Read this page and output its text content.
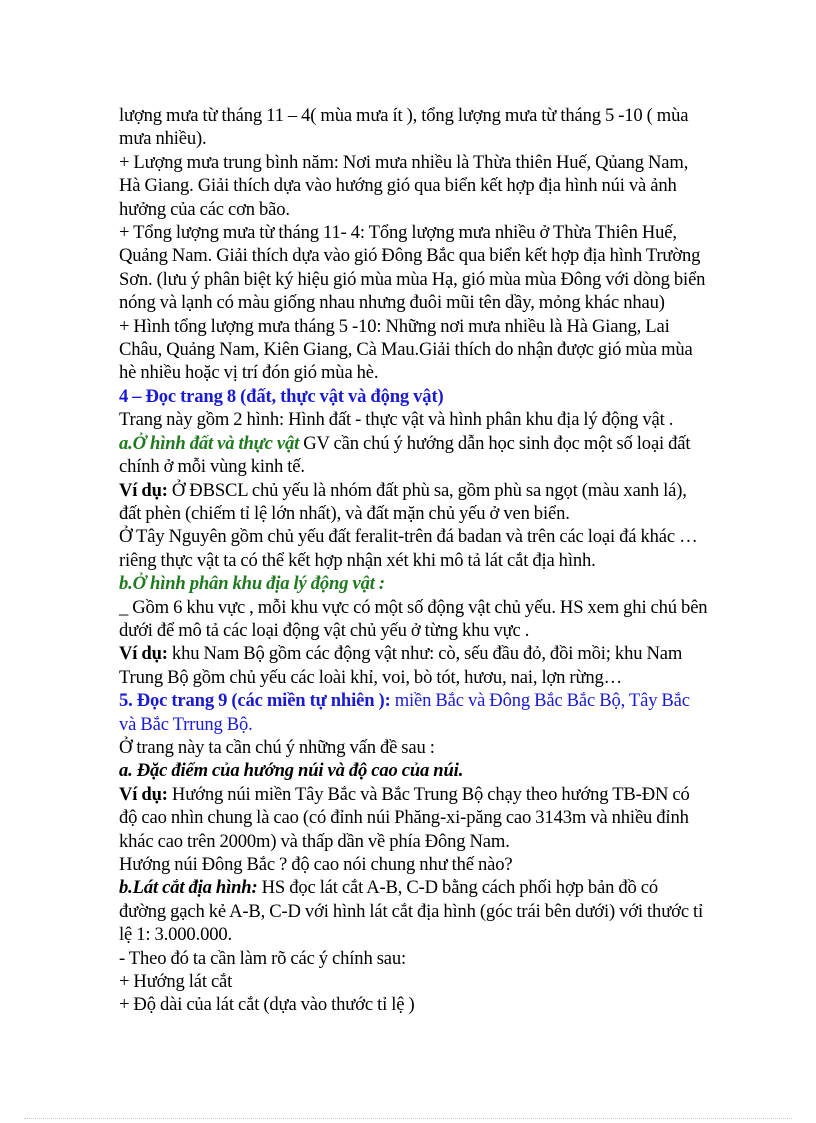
lượng mưa từ tháng 11 – 4( mùa mưa ít ), tổng lượng mưa từ tháng 5 -10 ( mùa mưa nhiều).

+ Lượng mưa trung bình năm: Nơi mưa nhiều là Thừa thiên Huế, Qủang Nam, Hà Giang. Giải thích dựa vào hướng gió qua biển kết hợp địa hình núi và ảnh hưởng của các cơn bão.

+ Tổng lượng mưa từ tháng 11- 4: Tổng lượng mưa nhiều ở Thừa Thiên Huế, Quảng Nam. Giải thích dựa vào gió Đông Bắc qua biển kết hợp địa hình Trường Sơn. (lưu ý phân biệt ký hiệu gió mùa mùa Hạ, gió mùa mùa Đông với dòng biển nóng và lạnh có màu giống nhau nhưng đuôi mũi tên dầy, mỏng khác nhau)

+ Hình tổng lượng mưa tháng 5 -10: Những nơi mưa nhiều là Hà Giang, Lai Châu, Quảng Nam, Kiên Giang, Cà Mau.Giải thích do nhận được gió mùa mùa hè nhiều hoặc vị trí đón gió mùa hè.

4 – Đọc trang 8 (đất, thực vật và động vật)

Trang này gồm 2 hình: Hình đất - thực vật và hình phân khu địa lý động vật .

a.Ở hình đất và thực vật GV cần chú ý hướng dẫn học sinh đọc một số loại đất chính ở mỗi vùng kinh tế.

Ví dụ: Ở ĐBSCL chủ yếu là nhóm đất phù sa, gồm phù sa ngọt (màu xanh lá), đất phèn (chiếm tỉ lệ lớn nhất), và đất mặn chủ yếu ở ven biển.

Ở Tây Nguyên gồm chủ yếu đất feralit-trên đá badan và trên các loại đá khác …riêng thực vật ta có thể kết hợp nhận xét khi mô tả lát cắt địa hình.

b.Ở hình phân khu địa lý động vật :

_ Gồm 6 khu vực , mỗi khu vực có một số động vật chủ yếu. HS xem ghi chú bên dưới để mô tả các loại động vật chủ yếu ở từng khu vực .

Ví dụ: khu Nam Bộ gồm các động vật như: cò, sếu đầu đỏ, đồi mồi; khu Nam Trung Bộ gồm chủ yếu các loài khỉ, voi, bò tót, hươu, nai, lợn rừng…

5. Đọc trang 9 (các miền tự nhiên ): miền Bắc và Đông Bắc Bắc Bộ, Tây Bắc và Bắc Trrung Bộ.

Ở trang này ta cần chú ý những vấn đề sau :

a. Đặc điểm của hướng núi và độ cao của núi.

Ví dụ: Hướng núi miền Tây Bắc và Bắc Trung Bộ chạy theo hướng TB-ĐN có độ cao nhìn chung là cao (có đỉnh núi Phăng-xi-păng cao 3143m và nhiều đỉnh khác cao trên 2000m) và thấp dần về phía Đông Nam.

Hướng núi Đông Bắc ? độ cao nói chung như thế nào?

b.Lát cắt địa hình: HS đọc lát cắt A-B, C-D bằng cách phối hợp bản đồ có đường gạch kẻ A-B, C-D với hình lát cắt địa hình (góc trái bên dưới) với thước tỉ lệ 1: 3.000.000.

- Theo đó ta cần làm rõ các ý chính sau:

+ Hướng lát cắt

+ Độ dài của lát cắt (dựa vào thước tỉ lệ )
